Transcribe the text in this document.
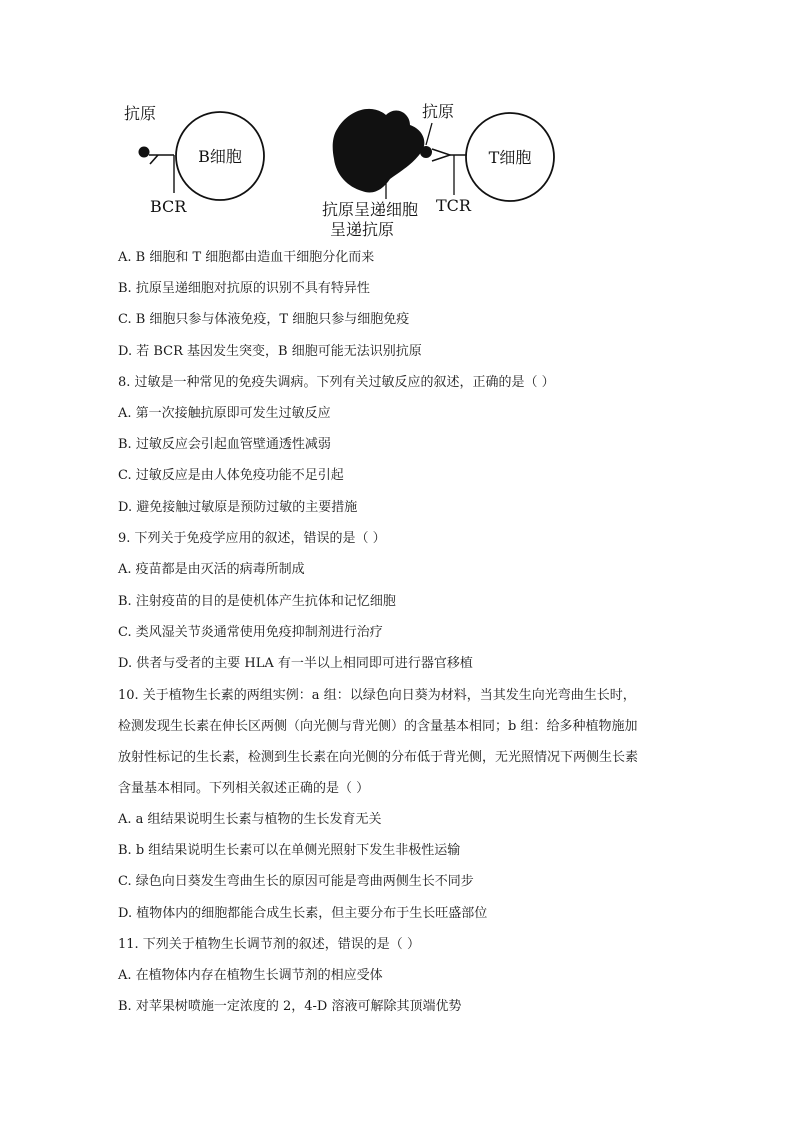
抗原
B细胞
BCR
抗原
T细胞
TCR
抗原呈递细胞
呈递抗原
A. B 细胞和 T 细胞都由造血干细胞分化而来
B. 抗原呈递细胞对抗原的识别不具有特异性
C. B 细胞只参与体液免疫，T 细胞只参与细胞免疫
D. 若 BCR 基因发生突变，B 细胞可能无法识别抗原
8. 过敏是一种常见的免疫失调病。下列有关过敏反应的叙述，正确的是（ ）
A. 第一次接触抗原即可发生过敏反应
B. 过敏反应会引起血管壁通透性减弱
C. 过敏反应是由人体免疫功能不足引起
D. 避免接触过敏原是预防过敏的主要措施
9. 下列关于免疫学应用的叙述，错误的是（ ）
A. 疫苗都是由灭活的病毒所制成
B. 注射疫苗的目的是使机体产生抗体和记忆细胞
C. 类风湿关节炎通常使用免疫抑制剂进行治疗
D. 供者与受者的主要 HLA 有一半以上相同即可进行器官移植
10. 关于植物生长素的两组实例：a 组：以绿色向日葵为材料，当其发生向光弯曲生长时，
检测发现生长素在伸长区两侧（向光侧与背光侧）的含量基本相同；b 组：给多种植物施加
放射性标记的生长素，检测到生长素在向光侧的分布低于背光侧，无光照情况下两侧生长素
含量基本相同。下列相关叙述正确的是（ ）
A. a 组结果说明生长素与植物的生长发育无关
B. b 组结果说明生长素可以在单侧光照射下发生非极性运输
C. 绿色向日葵发生弯曲生长的原因可能是弯曲两侧生长不同步
D. 植物体内的细胞都能合成生长素，但主要分布于生长旺盛部位
11. 下列关于植物生长调节剂的叙述，错误的是（ ）
A. 在植物体内存在植物生长调节剂的相应受体
B. 对苹果树喷施一定浓度的 2，4-D 溶液可解除其顶端优势
